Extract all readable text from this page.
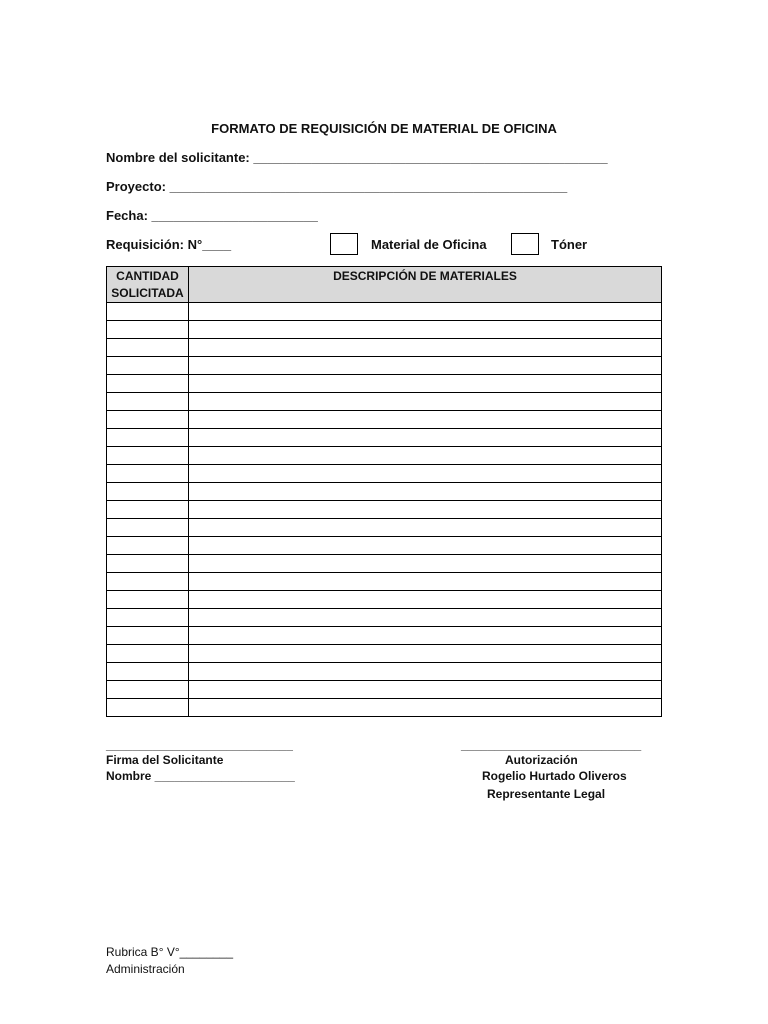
FORMATO DE REQUISICIÓN DE MATERIAL DE OFICINA
Nombre del solicitante: _________________________________________________
Proyecto: _______________________________________________________
Fecha: _______________________
Requisición: N°____	Material de Oficina	Tóner
CANTIDAD
SOLICITADA	DESCRIPCIÓN DE MATERIALES

____________________________
Firma del Solicitante
Nombre _____________________
___________________________
Autorización
Rogelio Hurtado Oliveros
Representante Legal
Rubrica B° V°________
Administración
